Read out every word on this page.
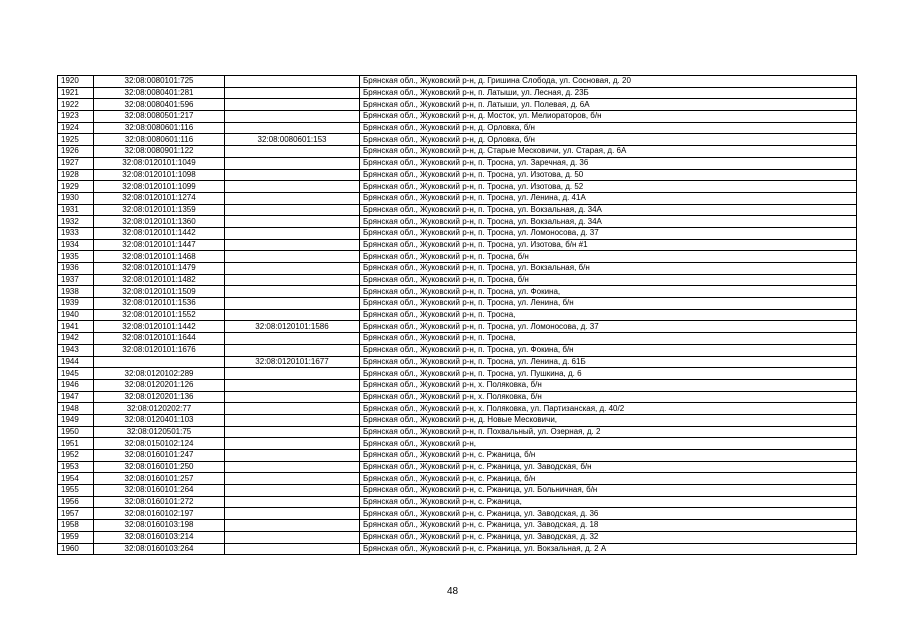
1920	32:08:0080101:725		Брянская обл., Жуковский р-н, д. Гришина Слобода, ул. Сосновая, д. 20
1921	32:08:0080401:281		Брянская обл., Жуковский р-н, п. Латыши, ул. Лесная, д. 23Б
1922	32:08:0080401:596		Брянская обл., Жуковский р-н, п. Латыши, ул. Полевая, д. 6А
1923	32:08:0080501:217		Брянская обл., Жуковский р-н, д. Мосток, ул. Мелиораторов, б/н
1924	32:08:0080601:116		Брянская обл., Жуковский р-н, д. Орловка, б/н
1925	32:08:0080601:116	32:08:0080601:153	Брянская обл., Жуковский р-н, д. Орловка, б/н
1926	32:08:0080901:122		Брянская обл., Жуковский р-н, д. Старые Месковичи, ул. Старая, д. 6А
1927	32:08:0120101:1049		Брянская обл., Жуковский р-н, п. Тросна, ул. Заречная, д. 36
1928	32:08:0120101:1098		Брянская обл., Жуковский р-н, п. Тросна, ул. Изотова, д. 50
1929	32:08:0120101:1099		Брянская обл., Жуковский р-н, п. Тросна, ул. Изотова, д. 52
1930	32:08:0120101:1274		Брянская обл., Жуковский р-н, п. Тросна, ул. Ленина, д. 41А
1931	32:08:0120101:1359		Брянская обл., Жуковский р-н, п. Тросна, ул. Вокзальная, д. 34А
1932	32:08:0120101:1360		Брянская обл., Жуковский р-н, п. Тросна, ул. Вокзальная, д. 34А
1933	32:08:0120101:1442		Брянская обл., Жуковский р-н, п. Тросна, ул. Ломоносова, д. 37
1934	32:08:0120101:1447		Брянская обл., Жуковский р-н, п. Тросна, ул. Изотова, б/н #1
1935	32:08:0120101:1468		Брянская обл., Жуковский р-н, п. Тросна, б/н
1936	32:08:0120101:1479		Брянская обл., Жуковский р-н, п. Тросна, ул. Вокзальная, б/н
1937	32:08:0120101:1482		Брянская обл., Жуковский р-н, п. Тросна, б/н
1938	32:08:0120101:1509		Брянская обл., Жуковский р-н, п. Тросна, ул. Фокина,
1939	32:08:0120101:1536		Брянская обл., Жуковский р-н, п. Тросна, ул. Ленина, б/н
1940	32:08:0120101:1552		Брянская обл., Жуковский р-н, п. Тросна,
1941	32:08:0120101:1442	32:08:0120101:1586	Брянская обл., Жуковский р-н, п. Тросна, ул. Ломоносова, д. 37
1942	32:08:0120101:1644		Брянская обл., Жуковский р-н, п. Тросна,
1943	32:08:0120101:1676		Брянская обл., Жуковский р-н, п. Тросна, ул. Фокина, б/н
1944		32:08:0120101:1677	Брянская обл., Жуковский р-н, п. Тросна, ул. Ленина, д. 61Б
1945	32:08:0120102:289		Брянская обл., Жуковский р-н, п. Тросна, ул. Пушкина, д. 6
1946	32:08:0120201:126		Брянская обл., Жуковский р-н, х. Поляковка, б/н
1947	32:08:0120201:136		Брянская обл., Жуковский р-н, х. Поляковка, б/н
1948	32:08:0120202:77		Брянская обл., Жуковский р-н, х. Поляковка, ул. Партизанская, д. 40/2
1949	32:08:0120401:103		Брянская обл., Жуковский р-н, д. Новые Месковичи,
1950	32:08:0120501:75		Брянская обл., Жуковский р-н, п. Похвальный, ул. Озерная, д. 2
1951	32:08:0150102:124		Брянская обл., Жуковский р-н,
1952	32:08:0160101:247		Брянская обл., Жуковский р-н, с. Ржаница, б/н
1953	32:08:0160101:250		Брянская обл., Жуковский р-н, с. Ржаница, ул. Заводская, б/н
1954	32:08:0160101:257		Брянская обл., Жуковский р-н, с. Ржаница, б/н
1955	32:08:0160101:264		Брянская обл., Жуковский р-н, с. Ржаница, ул. Больничная, б/н
1956	32:08:0160101:272		Брянская обл., Жуковский р-н, с. Ржаница,
1957	32:08:0160102:197		Брянская обл., Жуковский р-н, с. Ржаница, ул. Заводская, д. 36
1958	32:08:0160103:198		Брянская обл., Жуковский р-н, с. Ржаница, ул. Заводская, д. 18
1959	32:08:0160103:214		Брянская обл., Жуковский р-н, с. Ржаница, ул. Заводская, д. 32
1960	32:08:0160103:264		Брянская обл., Жуковский р-н, с. Ржаница, ул. Вокзальная, д. 2 А
48
